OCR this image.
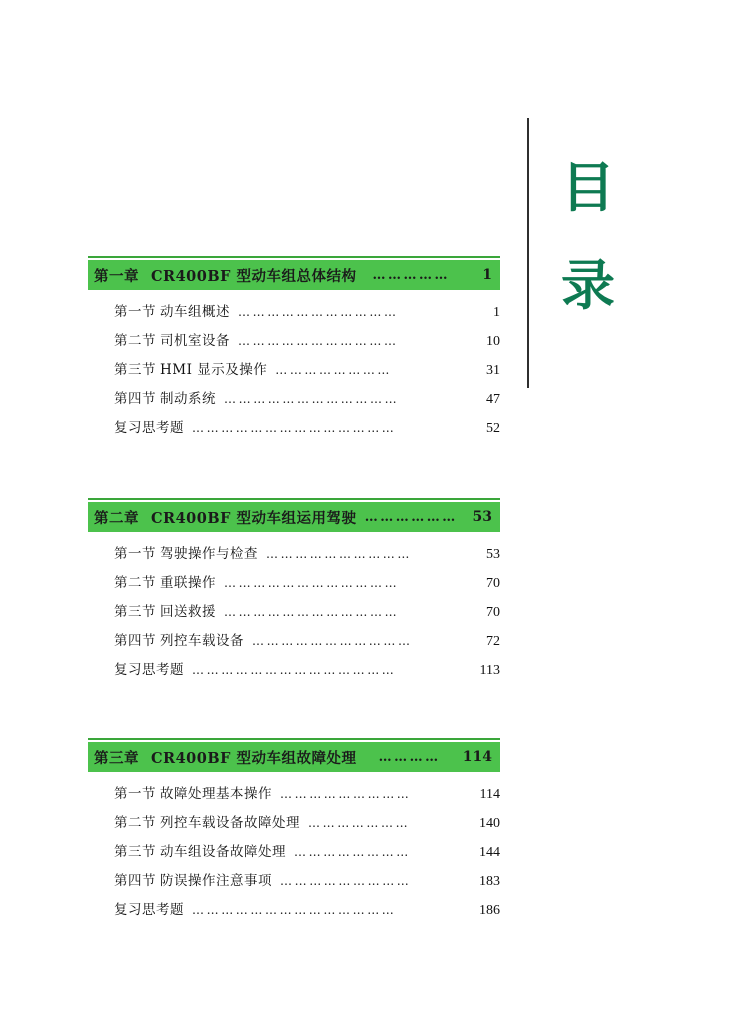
目
录
第一章 CR400BF 型动车组总体结构	……………	1
第一节 动车组概述 ……………………………	1
第二节 司机室设备 ……………………………	10
第三节 HMI 显示及操作 ……………………	31
第四节 制动系统 ………………………………	47
复习思考题 ……………………………………	52
第二章 CR400BF 型动车组运用驾驶 ………………	53
第一节 驾驶操作与检查 …………………………	53
第二节 重联操作 ………………………………	70
第三节 回送救援 ………………………………	70
第四节 列控车载设备 ……………………………	72
复习思考题 ……………………………………	113
第三章 CR400BF 型动车组故障处理	…………	114
第一节 故障处理基本操作 ………………………	114
第二节 列控车载设备故障处理 …………………	140
第三节 动车组设备故障处理 ……………………	144
第四节 防误操作注意事项 ………………………	183
复习思考题 ……………………………………	186
